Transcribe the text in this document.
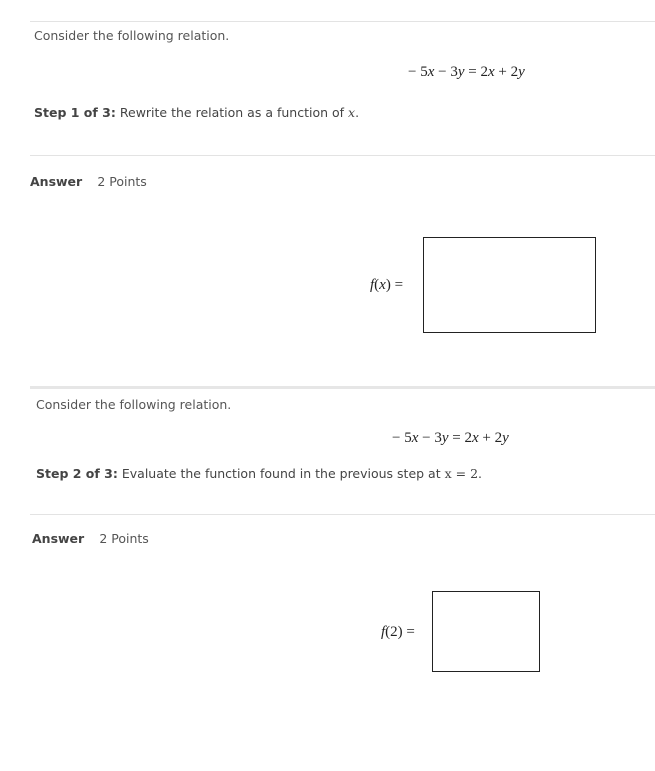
Consider the following relation.
− 5x − 3y = 2x + 2y
Step 1 of 3: Rewrite the relation as a function of x.
Answer 2 Points
f(x) =
Consider the following relation.
− 5x − 3y = 2x + 2y
Step 2 of 3: Evaluate the function found in the previous step at x = 2.
Answer 2 Points
f(2) =
